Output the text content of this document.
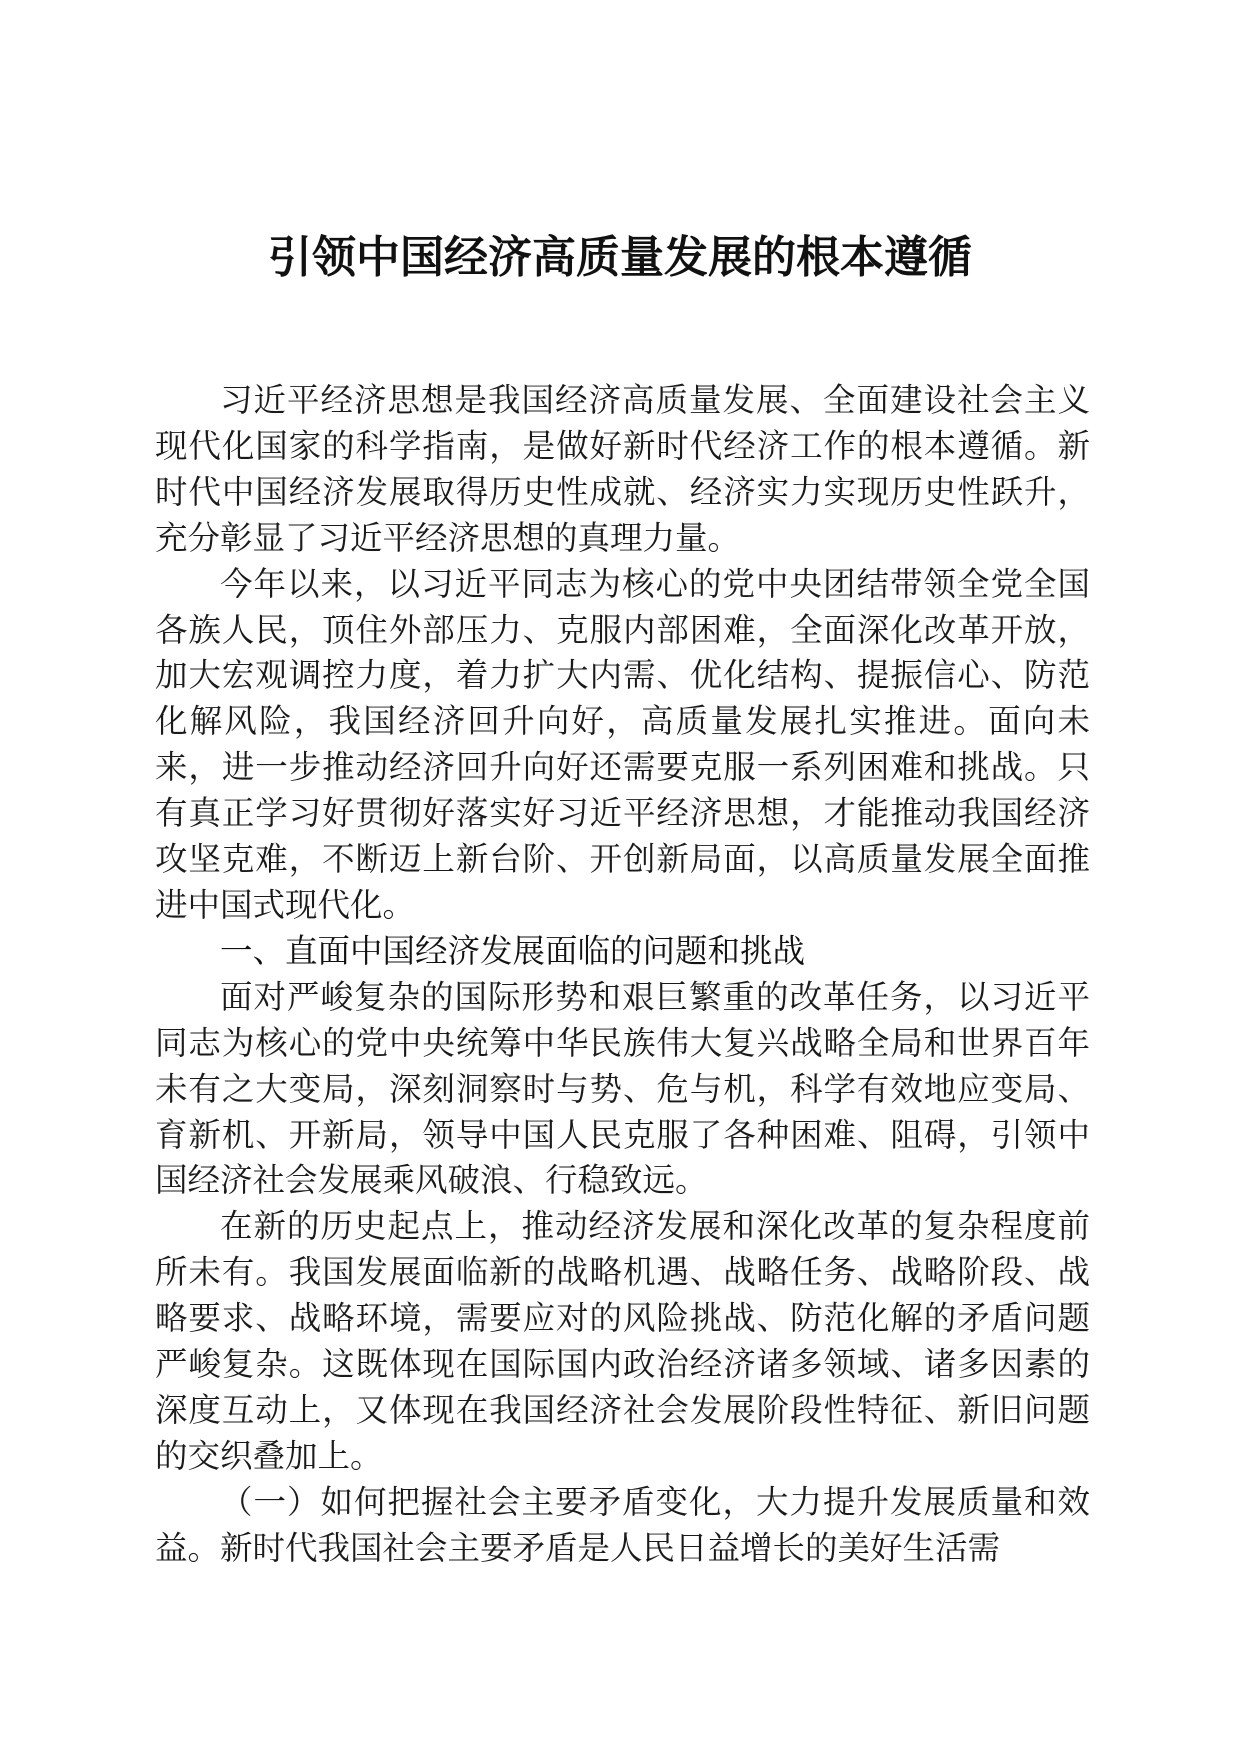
引领中国经济高质量发展的根本遵循

习近平经济思想是我国经济高质量发展、全面建设社会主义现代化国家的科学指南，是做好新时代经济工作的根本遵循。新时代中国经济发展取得历史性成就、经济实力实现历史性跃升，充分彰显了习近平经济思想的真理力量。

今年以来，以习近平同志为核心的党中央团结带领全党全国各族人民，顶住外部压力、克服内部困难，全面深化改革开放，加大宏观调控力度，着力扩大内需、优化结构、提振信心、防范化解风险，我国经济回升向好，高质量发展扎实推进。面向未来，进一步推动经济回升向好还需要克服一系列困难和挑战。只有真正学习好贯彻好落实好习近平经济思想，才能推动我国经济攻坚克难，不断迈上新台阶、开创新局面，以高质量发展全面推进中国式现代化。

一、直面中国经济发展面临的问题和挑战

面对严峻复杂的国际形势和艰巨繁重的改革任务，以习近平同志为核心的党中央统筹中华民族伟大复兴战略全局和世界百年未有之大变局，深刻洞察时与势、危与机，科学有效地应变局、育新机、开新局，领导中国人民克服了各种困难、阻碍，引领中国经济社会发展乘风破浪、行稳致远。

在新的历史起点上，推动经济发展和深化改革的复杂程度前所未有。我国发展面临新的战略机遇、战略任务、战略阶段、战略要求、战略环境，需要应对的风险挑战、防范化解的矛盾问题严峻复杂。这既体现在国际国内政治经济诸多领域、诸多因素的深度互动上，又体现在我国经济社会发展阶段性特征、新旧问题的交织叠加上。

（一）如何把握社会主要矛盾变化，大力提升发展质量和效益。新时代我国社会主要矛盾是人民日益增长的美好生活需
